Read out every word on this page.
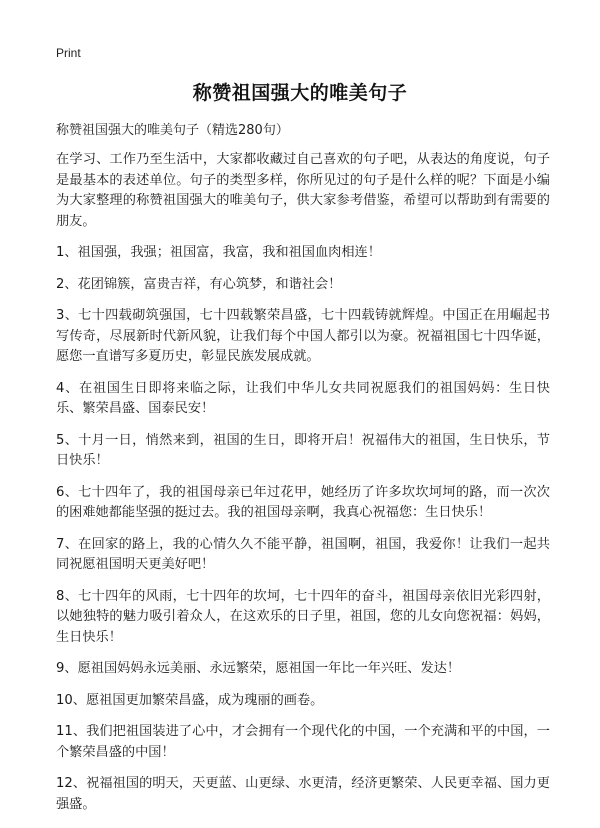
Print
称赞祖国强大的唯美句子
称赞祖国强大的唯美句子（精选280句）

在学习、工作乃至生活中，大家都收藏过自己喜欢的句子吧，从表达的角度说，句子是最基本的表述单位。句子的类型多样，你所见过的句子是什么样的呢？下面是小编为大家整理的称赞祖国强大的唯美句子，供大家参考借鉴，希望可以帮助到有需要的朋友。

1、祖国强，我强；祖国富，我富，我和祖国血肉相连！

2、花团锦簇，富贵吉祥，有心筑梦，和谐社会！

3、七十四载砌筑强国，七十四载繁荣昌盛，七十四载铸就辉煌。中国正在用崛起书写传奇，尽展新时代新风貌，让我们每个中国人都引以为豪。祝福祖国七十四华诞，愿您一直谱写多夏历史，彰显民族发展成就。

4、在祖国生日即将来临之际，让我们中华儿女共同祝愿我们的祖国妈妈：生日快乐、繁荣昌盛、国泰民安！

5、十月一日，悄然来到，祖国的生日，即将开启！祝福伟大的祖国，生日快乐，节日快乐！

6、七十四年了，我的祖国母亲已年过花甲，她经历了许多坎坎坷坷的路，而一次次的困难她都能坚强的挺过去。我的祖国母亲啊，我真心祝福您：生日快乐！

7、在回家的路上，我的心情久久不能平静，祖国啊，祖国，我爱你！让我们一起共同祝愿祖国明天更美好吧！

8、七十四年的风雨，七十四年的坎坷，七十四年的奋斗，祖国母亲依旧光彩四射，以她独特的魅力吸引着众人，在这欢乐的日子里，祖国，您的儿女向您祝福：妈妈，生日快乐！

9、愿祖国妈妈永远美丽、永远繁荣，愿祖国一年比一年兴旺、发达！

10、愿祖国更加繁荣昌盛，成为瑰丽的画卷。

11、我们把祖国装进了心中，才会拥有一个现代化的中国，一个充满和平的中国，一个繁荣昌盛的中国！

12、祝福祖国的明天，天更蓝、山更绿、水更清，经济更繁荣、人民更幸福、国力更强盛。
